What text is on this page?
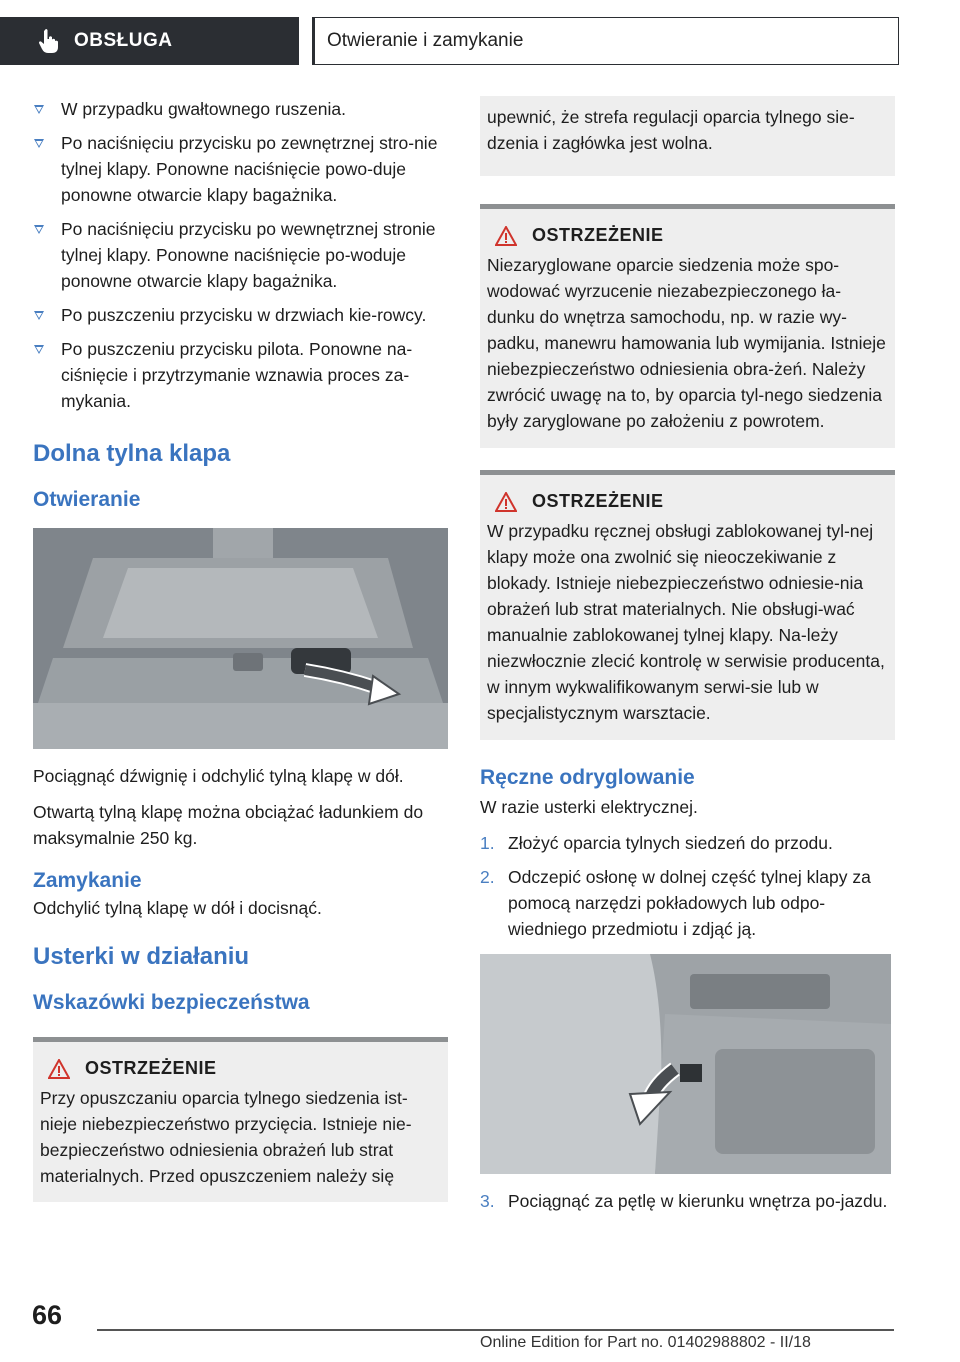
OBSŁUGA	Otwieranie i zamykanie
W przypadku gwałtownego ruszenia.
Po naciśnięciu przycisku po zewnętrznej stro-nie tylnej klapy. Ponowne naciśnięcie powo-duje ponowne otwarcie klapy bagażnika.
Po naciśnięciu przycisku po wewnętrznej stronie tylnej klapy. Ponowne naciśnięcie po-woduje ponowne otwarcie klapy bagażnika.
Po puszczeniu przycisku w drzwiach kie-rowcy.
Po puszczeniu przycisku pilota. Ponowne na-ciśnięcie i przytrzymanie wznawia proces za-mykania.
Dolna tylna klapa
Otwieranie

Pociągnąć dźwignię i odchylić tylną klapę w dół.

Otwartą tylną klapę można obciążać ładunkiem do maksymalnie 250 kg.

Zamykanie

Odchylić tylną klapę w dół i docisnąć.

Usterki w działaniu
Wskazówki bezpieczeństwa
OSTRZEŻENIE

Przy opuszczaniu oparcia tylnego siedzenia ist-nieje niebezpieczeństwo przycięcia. Istnieje nie-bezpieczeństwo odniesienia obrażeń lub strat materialnych. Przed opuszczeniem należy się

upewnić, że strefa regulacji oparcia tylnego sie-dzenia i zagłówka jest wolna.

OSTRZEŻENIE

Niezaryglowane oparcie siedzenia może spo-wodować wyrzucenie niezabezpieczonego ła-dunku do wnętrza samochodu, np. w razie wy-padku, manewru hamowania lub wymijania. Istnieje niebezpieczeństwo odniesienia obra-żeń. Należy zwrócić uwagę na to, by oparcia tyl-nego siedzenia były zaryglowane po założeniu z powrotem.

OSTRZEŻENIE

W przypadku ręcznej obsługi zablokowanej tyl-nej klapy może ona zwolnić się nieoczekiwanie z blokady. Istnieje niebezpieczeństwo odniesie-nia obrażeń lub strat materialnych. Nie obsługi-wać manualnie zablokowanej tylnej klapy. Na-leży niezwłocznie zlecić kontrolę w serwisie producenta, w innym wykwalifikowanym serwi-sie lub w specjalistycznym warsztacie.

Ręczne odryglowanie

W razie usterki elektrycznej.

1. Złożyć oparcia tylnych siedzeń do przodu.
2. Odczepić osłonę w dolnej część tylnej klapy za pomocą narzędzi pokładowych lub odpo-wiedniego przedmiotu i zdjąć ją.
3. Pociągnąć za pętlę w kierunku wnętrza po-jazdu.
66
Online Edition for Part no. 01402988802 - II/18
